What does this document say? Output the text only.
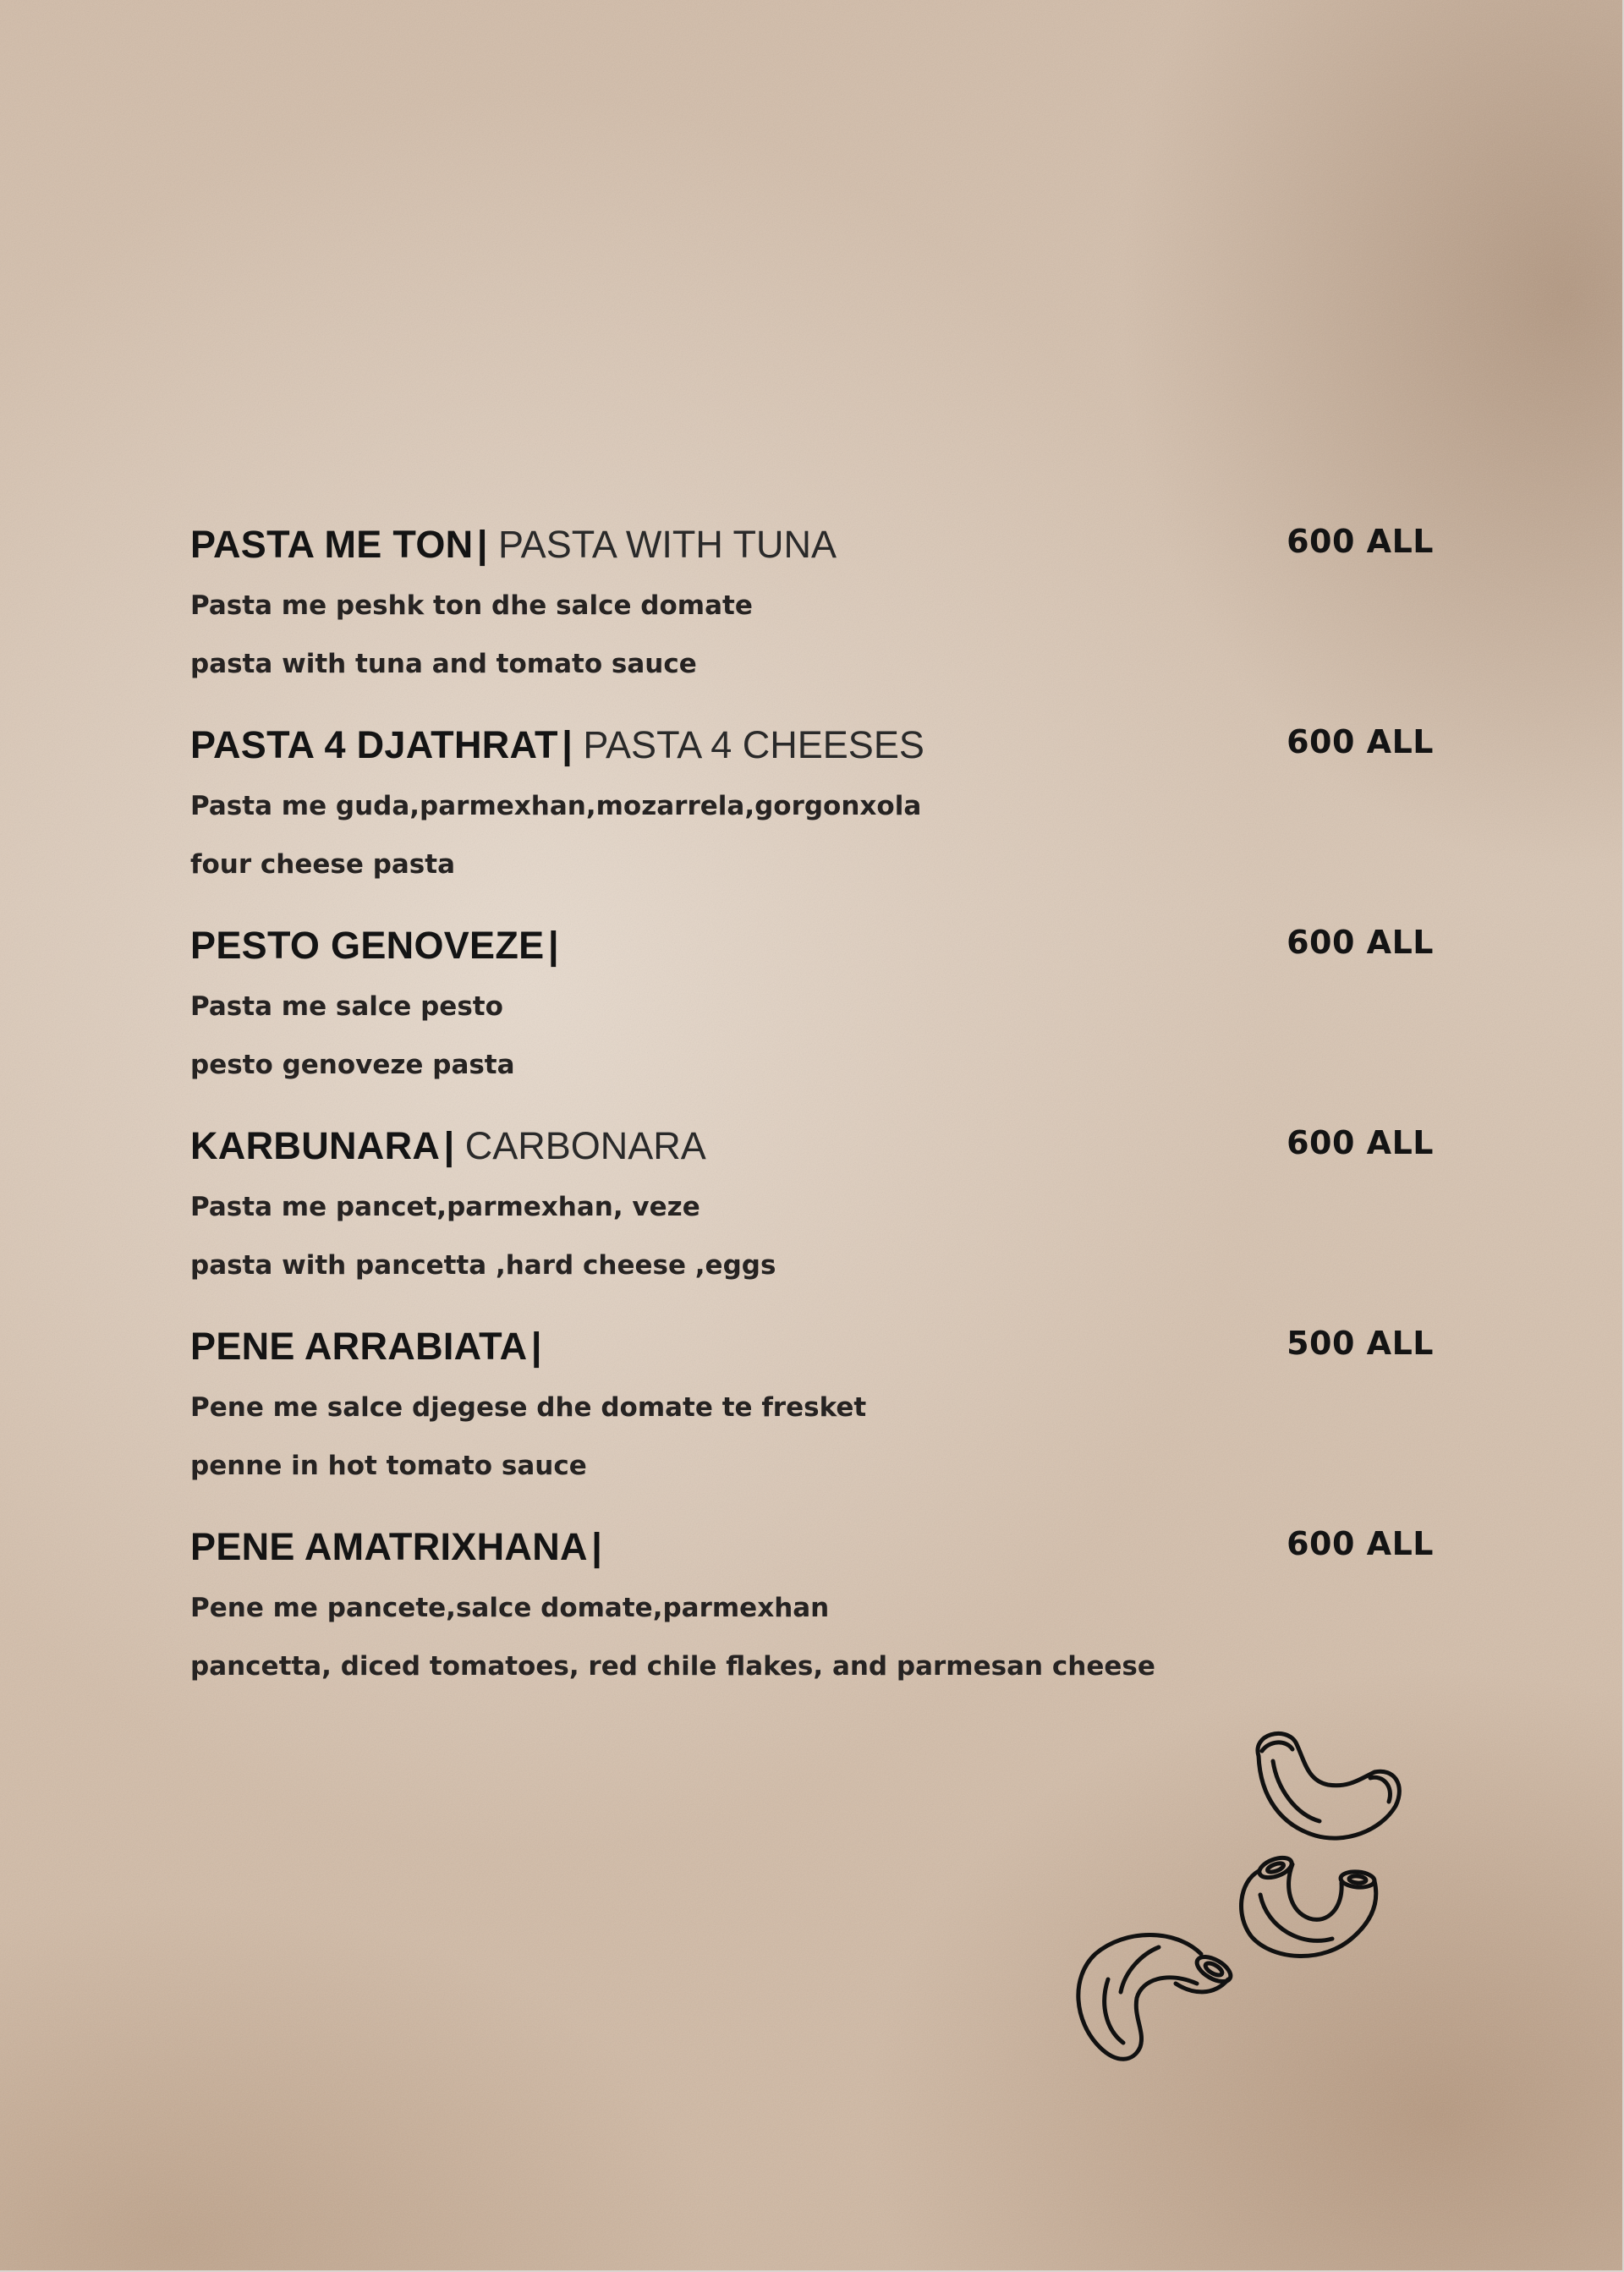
PASTA ME TON | PASTA WITH TUNA	600 ALL
Pasta me peshk ton dhe salce domate
pasta with tuna and tomato sauce
PASTA 4 DJATHRAT | PASTA 4 CHEESES	600 ALL
Pasta me guda,parmexhan,mozarrela,gorgonxola
four cheese pasta
PESTO GENOVEZE |	600 ALL
Pasta me salce pesto
pesto genoveze pasta
KARBUNARA | CARBONARA	600 ALL
Pasta me pancet,parmexhan, veze
pasta with pancetta ,hard cheese ,eggs
PENE ARRABIATA |	500 ALL
Pene me salce djegese dhe domate te fresket
penne in hot tomato sauce
PENE AMATRIXHANA |	600 ALL
Pene me pancete,salce domate,parmexhan
pancetta, diced tomatoes, red chile flakes, and parmesan cheese
